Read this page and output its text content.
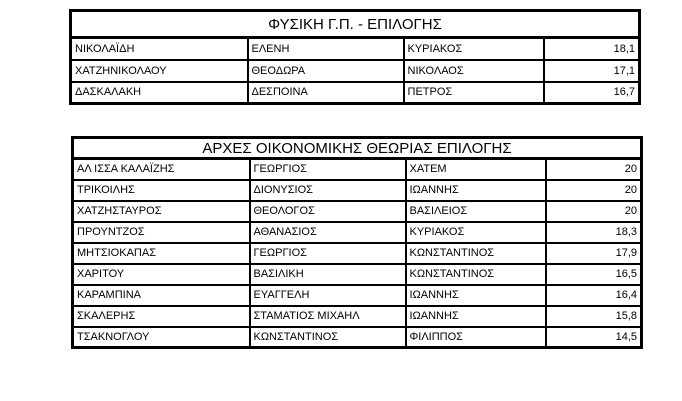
ΦΥΣΙΚΗ Γ.Π. - ΕΠΙΛΟΓΗΣ			
ΝΙΚΟΛΑΪΔΗ	ΕΛΕΝΗ	ΚΥΡΙΑΚΟΣ	18,1
ΧΑΤΖΗΝΙΚΟΛΑΟΥ	ΘΕΟΔΩΡΑ	ΝΙΚΟΛΑΟΣ	17,1
ΔΑΣΚΑΛΑΚΗ	ΔΕΣΠΟΙΝΑ	ΠΕΤΡΟΣ	16,7
ΑΡΧΕΣ ΟΙΚΟΝΟΜΙΚΗΣ ΘΕΩΡΙΑΣ ΕΠΙΛΟΓΗΣ			
ΑΛ ΙΣΣΑ ΚΑΛΑΪΖΗΣ	ΓΕΩΡΓΙΟΣ	ΧΑΤΕΜ	20
ΤΡΙΚΟΙΛΗΣ	ΔΙΟΝΥΣΙΟΣ	ΙΩΑΝΝΗΣ	20
ΧΑΤΖΗΣΤΑΥΡΟΣ	ΘΕΟΛΟΓΟΣ	ΒΑΣΙΛΕΙΟΣ	20
ΠΡΟΥΝΤΖΟΣ	ΑΘΑΝΑΣΙΟΣ	ΚΥΡΙΑΚΟΣ	18,3
ΜΗΤΣΙΟΚΑΠΑΣ	ΓΕΩΡΓΙΟΣ	ΚΩΝΣΤΑΝΤΙΝΟΣ	17,9
ΧΑΡΙΤΟΥ	ΒΑΣΙΛΙΚΗ	ΚΩΝΣΤΑΝΤΙΝΟΣ	16,5
ΚΑΡΑΜΠΙΝΑ	ΕΥΑΓΓΕΛΗ	ΙΩΑΝΝΗΣ	16,4
ΣΚΑΛΕΡΗΣ	ΣΤΑΜΑΤΙΟΣ ΜΙΧΑΗΛ	ΙΩΑΝΝΗΣ	15,8
ΤΣΑΚΝΟΓΛΟΥ	ΚΩΝΣΤΑΝΤΙΝΟΣ	ΦΙΛΙΠΠΟΣ	14,5
